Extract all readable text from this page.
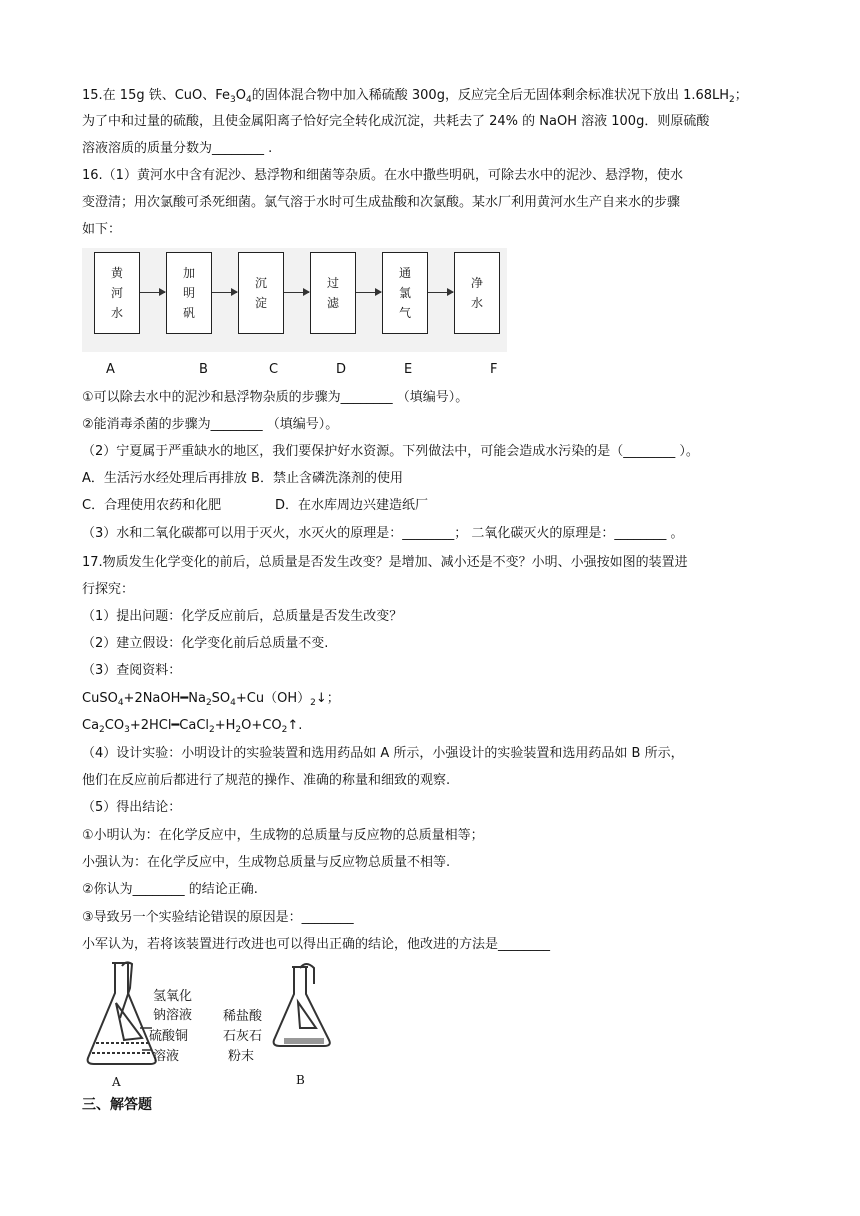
15.在 15g 铁、CuO、$Fe_3O_4$的固体混合物中加入稀硫酸 300g，反应完全后无固体剩余标准状况下放出 $1.68LH_2$；
为了中和过量的硫酸，且使金属阳离子恰好完全转化成沉淀，共耗去了 24% 的 NaOH 溶液 100g．则原硫酸
溶液溶质的质量分数为________ .
16.（1）黄河水中含有泥沙、悬浮物和细菌等杂质。在水中撒些明矾，可除去水中的泥沙、悬浮物，使水
变澄清；用次氯酸可杀死细菌。氯气溶于水时可生成盐酸和次氯酸。某水厂利用黄河水生产自来水的步骤
如下：
黄
河
水
加
明
矾
沉
淀
过
滤
通
氯
气
净
水
A	B	C	D	E	F
①可以除去水中的泥沙和悬浮物杂质的步骤为________ （填编号）。
②能消毒杀菌的步骤为________ （填编号）。
（2）宁夏属于严重缺水的地区，我们要保护好水资源。下列做法中，可能会造成水污染的是（________ ）。
A．生活污水经处理后再排放 B．禁止含磷洗涤剂的使用
C．合理使用农药和化肥	D．在水库周边兴建造纸厂
（3）水和二氧化碳都可以用于灭火，水灭火的原理是：________； 二氧化碳灭火的原理是：________ 。
17.物质发生化学变化的前后，总质量是否发生改变？是增加、减小还是不变？小明、小强按如图的装置进
行探究：
（1）提出问题：化学反应前后，总质量是否发生改变？
（2）建立假设：化学变化前后总质量不变.
（3）查阅资料：
$CuSO_4+2NaOH━Na_2SO_4+Cu(OH)_2↓$；
$Ca_2CO_3+2HCl━CaCl_2+H_2O+CO_2↑$.
（4）设计实验：小明设计的实验装置和选用药品如 A 所示，小强设计的实验装置和选用药品如 B 所示，
他们在反应前后都进行了规范的操作、准确的称量和细致的观察.
（5）得出结论：
①小明认为：在化学反应中，生成物的总质量与反应物的总质量相等；
小强认为：在化学反应中，生成物总质量与反应物总质量不相等.
②你认为________ 的结论正确.
③导致另一个实验结论错误的原因是：________
小军认为，若将该装置进行改进也可以得出正确的结论，他改进的方法是________
氢氧化
钠溶液
硫酸铜
溶液
A
稀盐酸
石灰石
粉末
B
三、解答题
